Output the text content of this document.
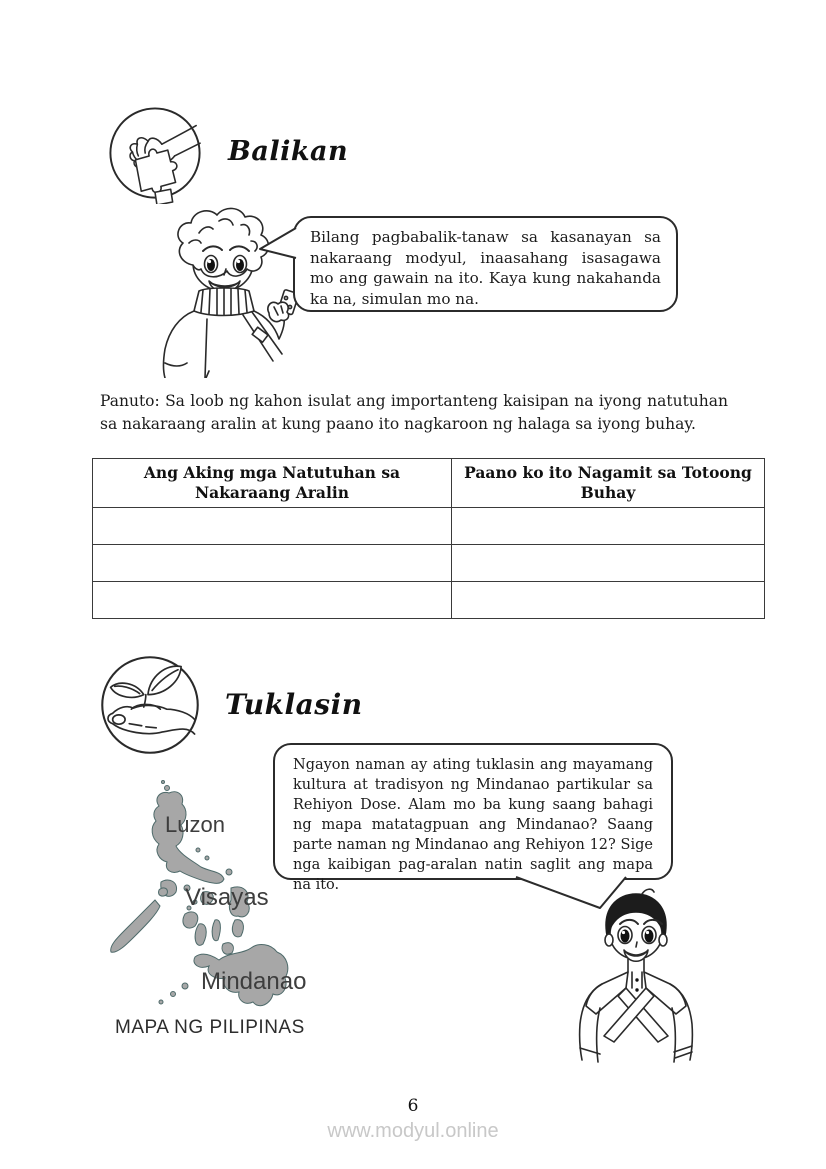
Balikan
Bilang pagbabalik-tanaw sa kasanayan sa nakaraang modyul, inaasahang isasagawa mo ang gawain na ito. Kaya kung nakahanda ka na, simulan mo na.
Panuto: Sa loob ng kahon isulat ang importanteng kaisipan na iyong natutuhan sa nakaraang aralin at kung paano ito nagkaroon ng halaga sa iyong buhay.
Ang Aking mga Natutuhan sa Nakaraang Aralin	Paano ko ito Nagamit sa Totoong Buhay

Tuklasin
Ngayon naman ay ating tuklasin ang mayamang kultura at tradisyon ng Mindanao partikular sa Rehiyon Dose. Alam mo ba kung saang bahagi ng mapa matatagpuan ang Mindanao? Saang parte naman ng Mindanao ang Rehiyon 12? Sige nga kaibigan pag-aralan natin saglit ang mapa na ito.
Luzon
Visayas
Mindanao
MAPA NG PILIPINAS
6
www.modyul.online
